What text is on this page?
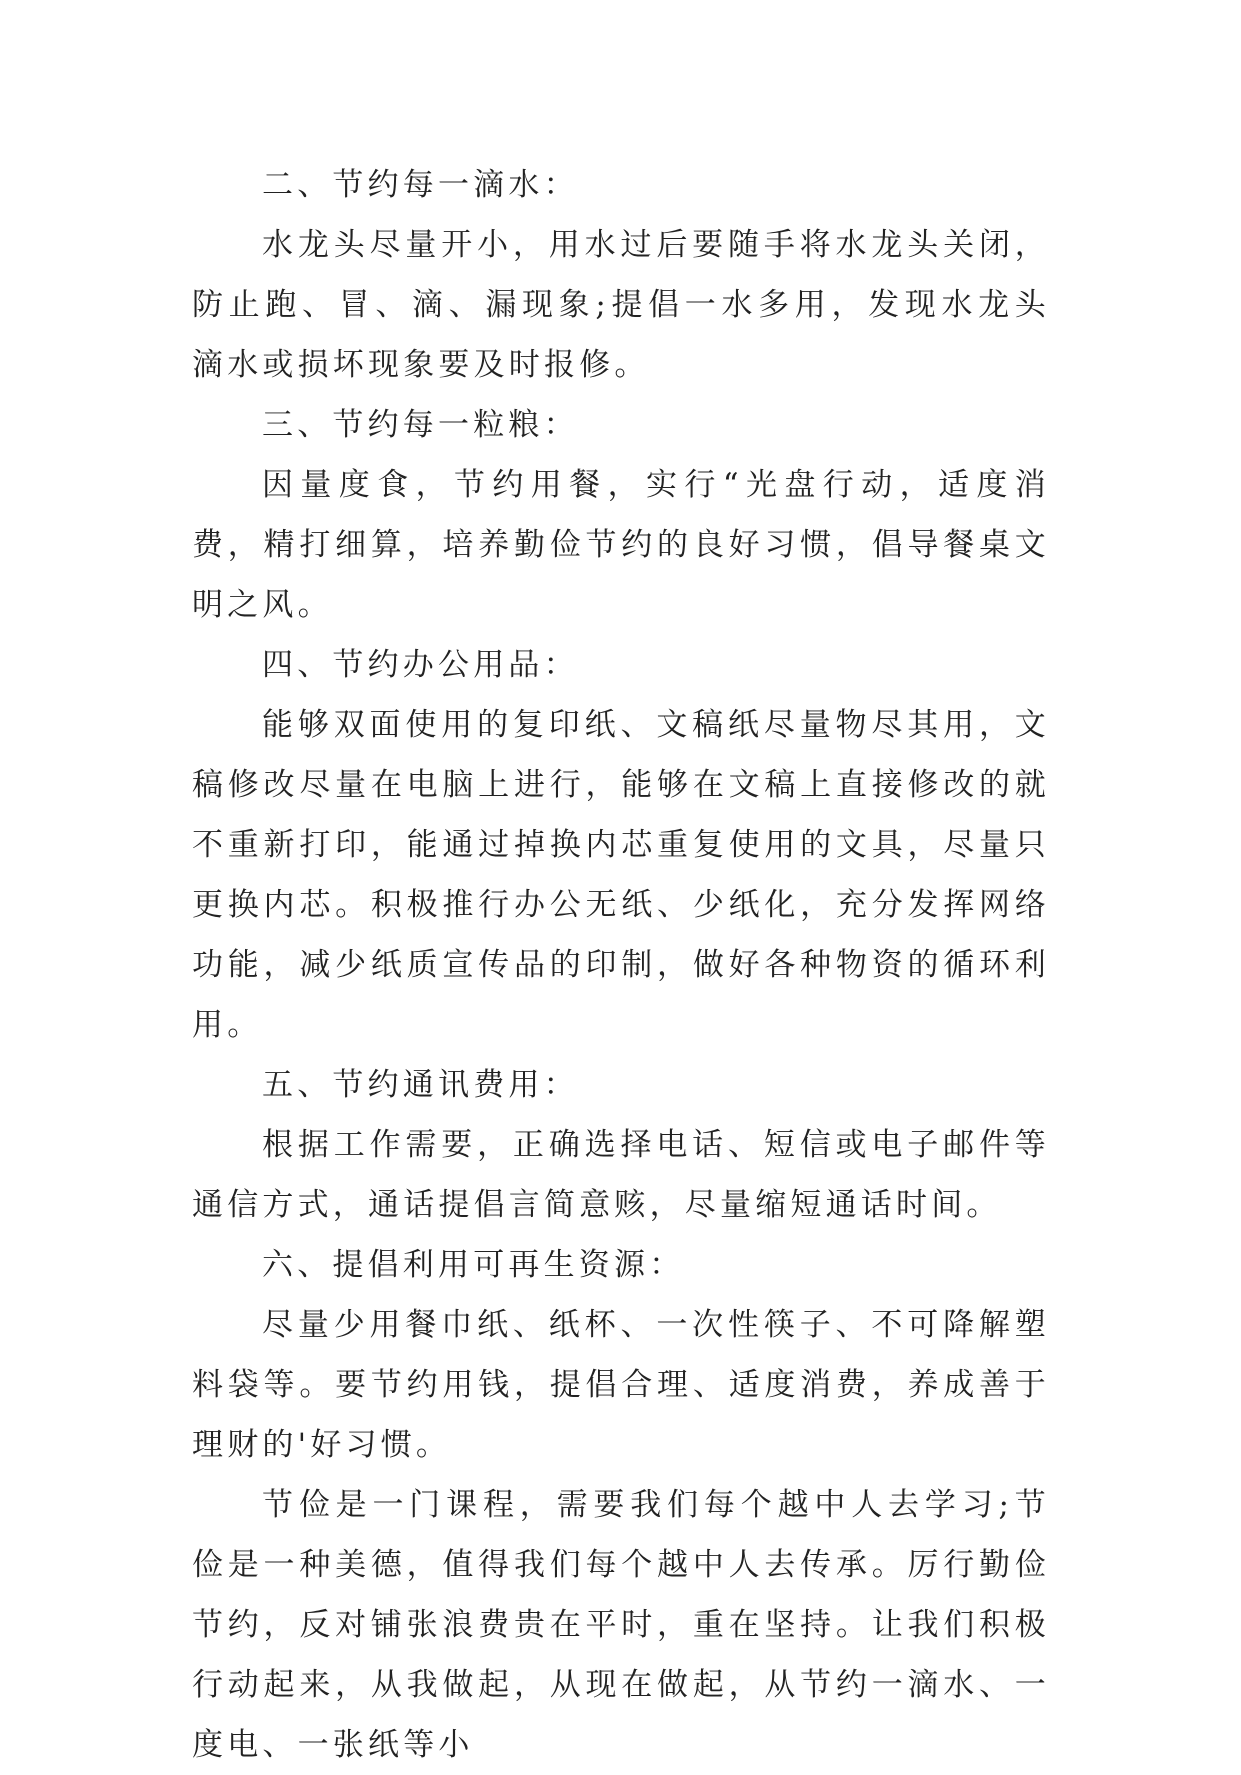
二、节约每一滴水：

水龙头尽量开小，用水过后要随手将水龙头关闭，防止跑、冒、滴、漏现象;提倡一水多用，发现水龙头滴水或损坏现象要及时报修。

三、节约每一粒粮：

因量度食，节约用餐，实行“光盘行动，适度消费，精打细算，培养勤俭节约的良好习惯，倡导餐桌文明之风。

四、节约办公用品：

能够双面使用的复印纸、文稿纸尽量物尽其用，文稿修改尽量在电脑上进行，能够在文稿上直接修改的就不重新打印，能通过掉换内芯重复使用的文具，尽量只更换内芯。积极推行办公无纸、少纸化，充分发挥网络功能，减少纸质宣传品的印制，做好各种物资的循环利用。

五、节约通讯费用：

根据工作需要，正确选择电话、短信或电子邮件等通信方式，通话提倡言简意赅，尽量缩短通话时间。

六、提倡利用可再生资源：

尽量少用餐巾纸、纸杯、一次性筷子、不可降解塑料袋等。要节约用钱，提倡合理、适度消费，养成善于理财的'好习惯。

节俭是一门课程，需要我们每个越中人去学习;节俭是一种美德，值得我们每个越中人去传承。厉行勤俭节约，反对铺张浪费贵在平时，重在坚持。让我们积极行动起来，从我做起，从现在做起，从节约一滴水、一度电、一张纸等小
